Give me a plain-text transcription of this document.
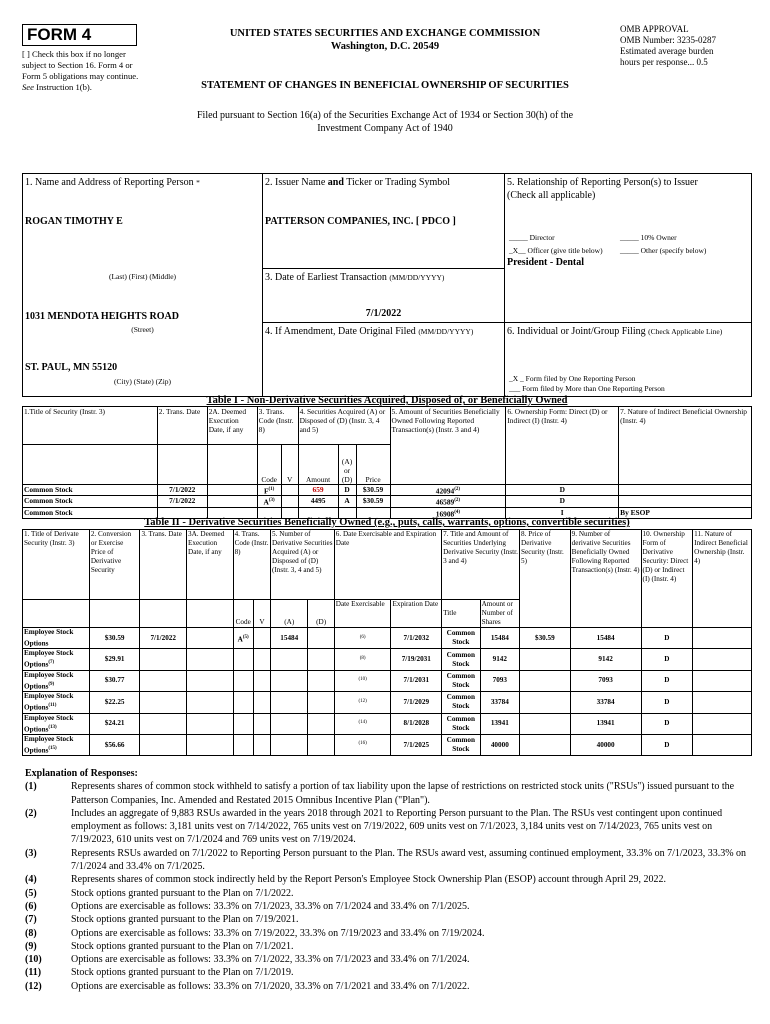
FORM 4
[ ] Check this box if no longer subject to Section 16. Form 4 or Form 5 obligations may continue. See Instruction 1(b).
UNITED STATES SECURITIES AND EXCHANGE COMMISSION
Washington, D.C. 20549
OMB APPROVAL
OMB Number: 3235-0287
Estimated average burden
hours per response... 0.5
STATEMENT OF CHANGES IN BENEFICIAL OWNERSHIP OF SECURITIES
Filed pursuant to Section 16(a) of the Securities Exchange Act of 1934 or Section 30(h) of the
Investment Company Act of 1940
1. Name and Address of Reporting Person *
ROGAN TIMOTHY E
(Last) (First) (Middle)
1031 MENDOTA HEIGHTS ROAD
(Street)
ST. PAUL, MN 55120
(City) (State) (Zip)
2. Issuer Name and Ticker or Trading Symbol
PATTERSON COMPANIES, INC. [ PDCO ]
3. Date of Earliest Transaction (MM/DD/YYYY)
7/1/2022
4. If Amendment, Date Original Filed (MM/DD/YYYY)
5. Relationship of Reporting Person(s) to Issuer
(Check all applicable)
_____ Director	_____ 10% Owner
_X__ Officer (give title below) _____ Other (specify below)
President - Dental
6. Individual or Joint/Group Filing (Check Applicable Line)
_X _ Form filed by One Reporting Person
___ Form filed by More than One Reporting Person
Table I - Non-Derivative Securities Acquired, Disposed of, or Beneficially Owned
1.Title of Security (Instr. 3)	2. Trans. Date	2A. Deemed Execution Date, if any	3. Trans. Code (Instr. 8)		4. Securities Acquired (A) or Disposed of (D) (Instr. 3, 4 and 5)			5. Amount of Securities Beneficially Owned Following Reported Transaction(s) (Instr. 3 and 4)	6. Ownership Form: Direct (D) or Indirect (I) (Instr. 4)	7. Nature of Indirect Beneficial Ownership (Instr. 4)
			Code	V	Amount	(A) or (D)	Price			
Common Stock	7/1/2022		$F^{(1)}$		659	D	$30.59	42094$^{(2)}$	D	
Common Stock	7/1/2022		$A^{(3)}$		4495	A	$30.59	46589$^{(2)}$	D	
Common Stock								16908$^{(4)}$	I	By ESOP
Table II - Derivative Securities Beneficially Owned (e.g., puts, calls, warrants, options, convertible securities)
1. Title of Derivate Security (Instr. 3)	2. Conversion or Exercise Price of Derivative Security	3. Trans. Date	3A. Deemed Execution Date, if any	4. Trans. Code (Instr. 8)		5. Number of Derivative Securities Acquired (A) or Disposed of (D) (Instr. 3, 4 and 5)		6. Date Exercisable and Expiration Date		7. Title and Amount of Securities Underlying Derivative Security (Instr. 3 and 4)		8. Price of Derivative Security (Instr. 5)	9. Number of derivative Securities Beneficially Owned Following Reported Transaction(s) (Instr. 4)	10. Ownership Form of Derivative Security: Direct (D) or Indirect (I) (Instr. 4)	11. Nature of Indirect Beneficial Ownership (Instr. 4)
				Code	V	(A)	(D)	Date Exercisable	Expiration Date	Title	Amount or Number of Shares				
Employee Stock Options	$30.59	7/1/2022		$A^{(5)}$		15484		$^{(6)}$	7/1/2032	Common Stock	15484	$30.59	15484	D	
Employee Stock Options$^{(7)}$	$29.91							$^{(8)}$	7/19/2031	Common Stock	9142		9142	D	
Employee Stock Options$^{(9)}$	$30.77							$^{(10)}$	7/1/2031	Common Stock	7093		7093	D	
Employee Stock Options$^{(11)}$	$22.25							$^{(12)}$	7/1/2029	Common Stock	33784		33784	D	
Employee Stock Options$^{(13)}$	$24.21							$^{(14)}$	8/1/2028	Common Stock	13941		13941	D	
Employee Stock Options$^{(15)}$	$56.66							$^{(16)}$	7/1/2025	Common Stock	40000		40000	D	
Explanation of Responses:
(1)	Represents shares of common stock withheld to satisfy a portion of tax liability upon the lapse of restrictions on restricted stock units ("RSUs") issued pursuant to the Patterson Companies, Inc. Amended and Restated 2015 Omnibus Incentive Plan ("Plan").
(2)	Includes an aggregate of 9,883 RSUs awarded in the years 2018 through 2021 to Reporting Person pursuant to the Plan. The RSUs vest contingent upon continued employment as follows: 3,181 units vest on 7/14/2022, 765 units vest on 7/19/2022, 609 units vest on 7/1/2023, 3,184 units vest on 7/14/2023, 765 units vest on 7/19/2023, 610 units vest on 7/1/2024 and 769 units vest on 7/19/2024.
(3)	Represents RSUs awarded on 7/1/2022 to Reporting Person pursuant to the Plan. The RSUs award vest, assuming continued employment, 33.3% on 7/1/2023, 33.3% on 7/1/2024 and 33.4% on 7/1/2025.
(4)	Represents shares of common stock indirectly held by the Report Person's Employee Stock Ownership Plan (ESOP) account through April 29, 2022.
(5)	Stock options granted pursuant to the Plan on 7/1/2022.
(6)	Options are exercisable as follows: 33.3% on 7/1/2023, 33.3% on 7/1/2024 and 33.4% on 7/1/2025.
(7)	Stock options granted pursuant to the Plan on 7/19/2021.
(8)	Options are exercisable as follows: 33.3% on 7/19/2022, 33.3% on 7/19/2023 and 33.4% on 7/19/2024.
(9)	Stock options granted pursuant to the Plan on 7/1/2021.
(10)	Options are exercisable as follows: 33.3% on 7/1/2022, 33.3% on 7/1/2023 and 33.4% on 7/1/2024.
(11)	Stock options granted pursuant to the Plan on 7/1/2019.
(12)	Options are exercisable as follows: 33.3% on 7/1/2020, 33.3% on 7/1/2021 and 33.4% on 7/1/2022.
